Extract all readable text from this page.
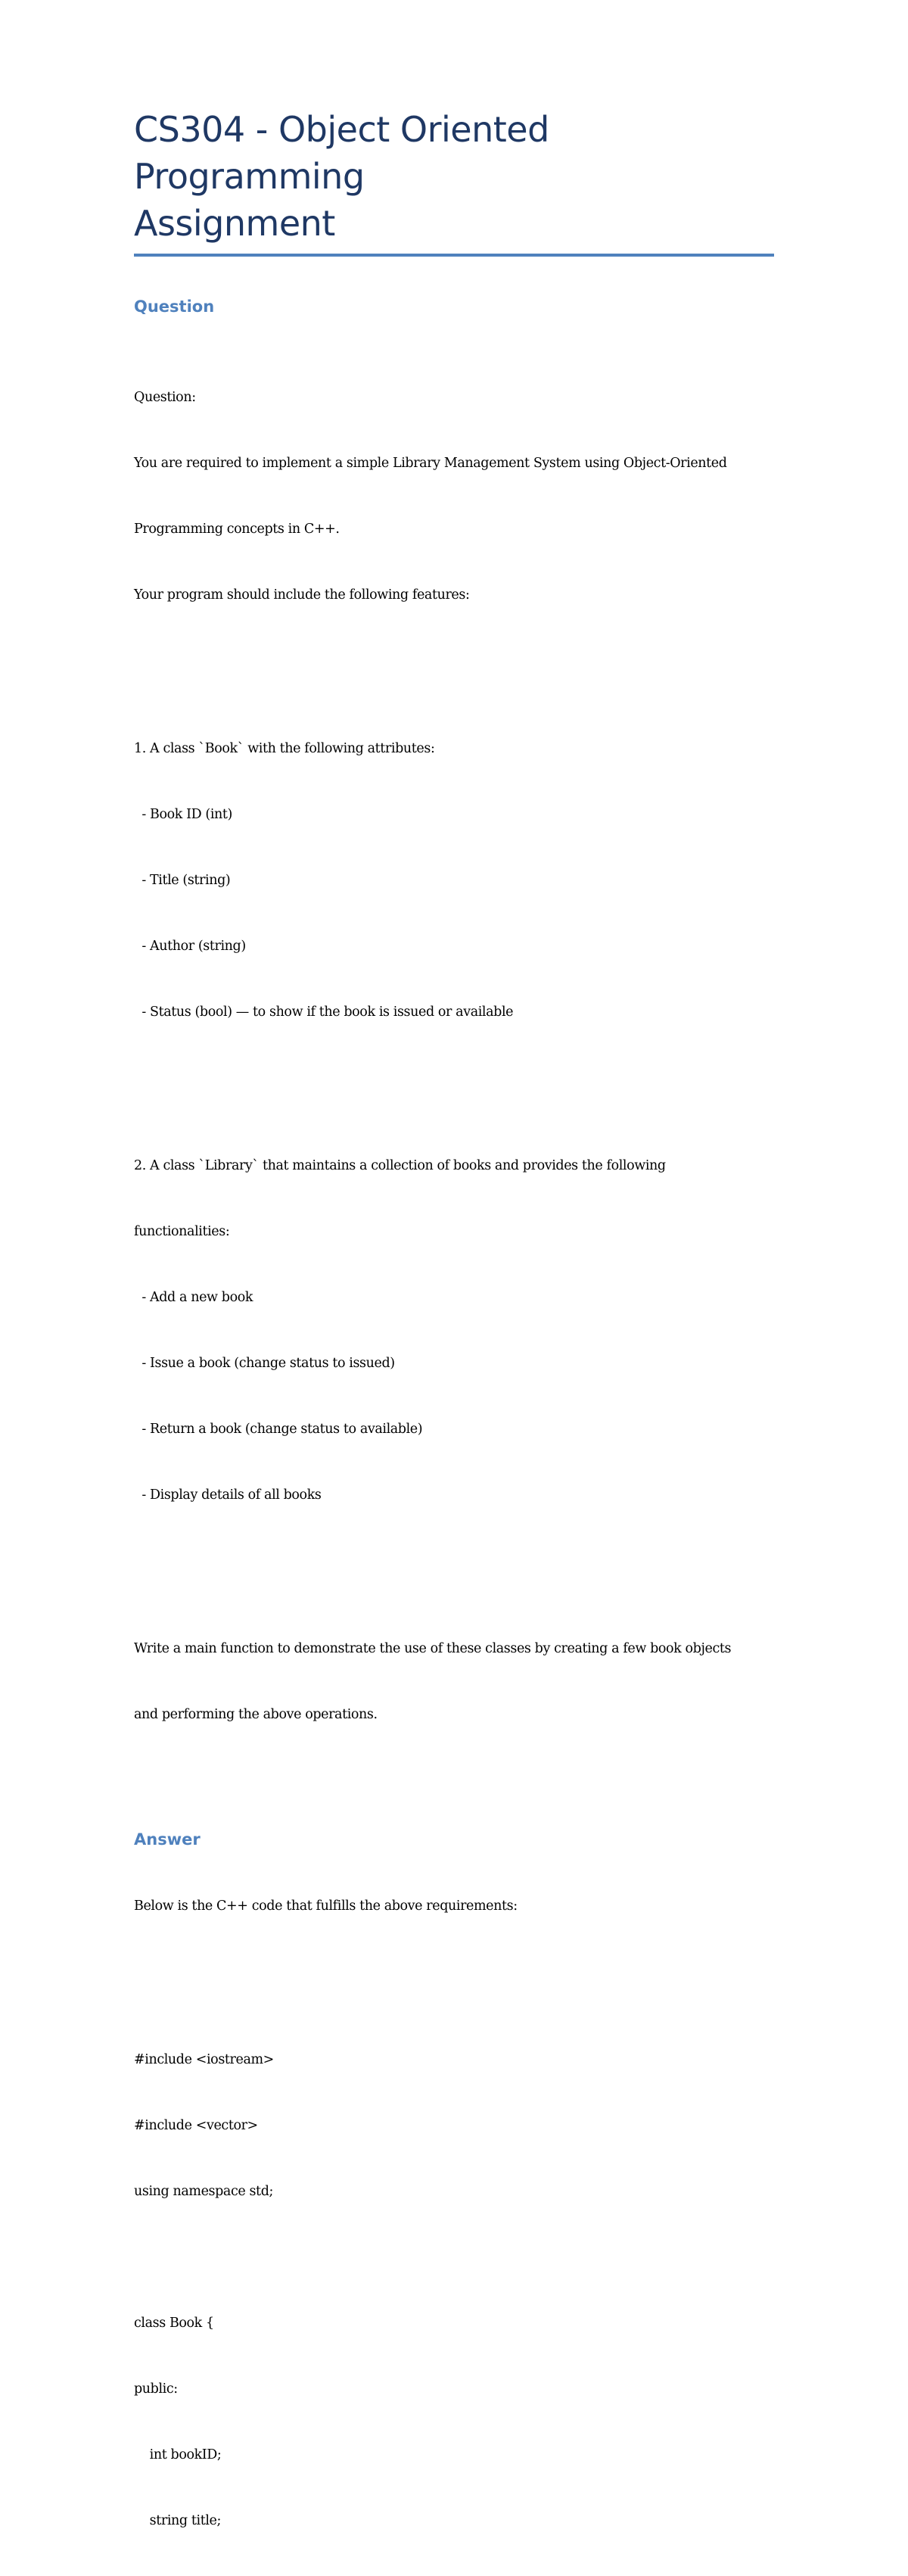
CS304 - Object Oriented Programming
Assignment
Question

Question:

You are required to implement a simple Library Management System using Object-Oriented

Programming concepts in C++.

Your program should include the following features:

1. A class `Book` with the following attributes:

- Book ID (int)

- Title (string)

- Author (string)

- Status (bool) — to show if the book is issued or available

2. A class `Library` that maintains a collection of books and provides the following

functionalities:

- Add a new book

- Issue a book (change status to issued)

- Return a book (change status to available)

- Display details of all books

Write a main function to demonstrate the use of these classes by creating a few book objects

and performing the above operations.

Answer

Below is the C++ code that fulfills the above requirements:

#include <iostream>

#include <vector>

using namespace std;

class Book {

public:

int bookID;

string title;
